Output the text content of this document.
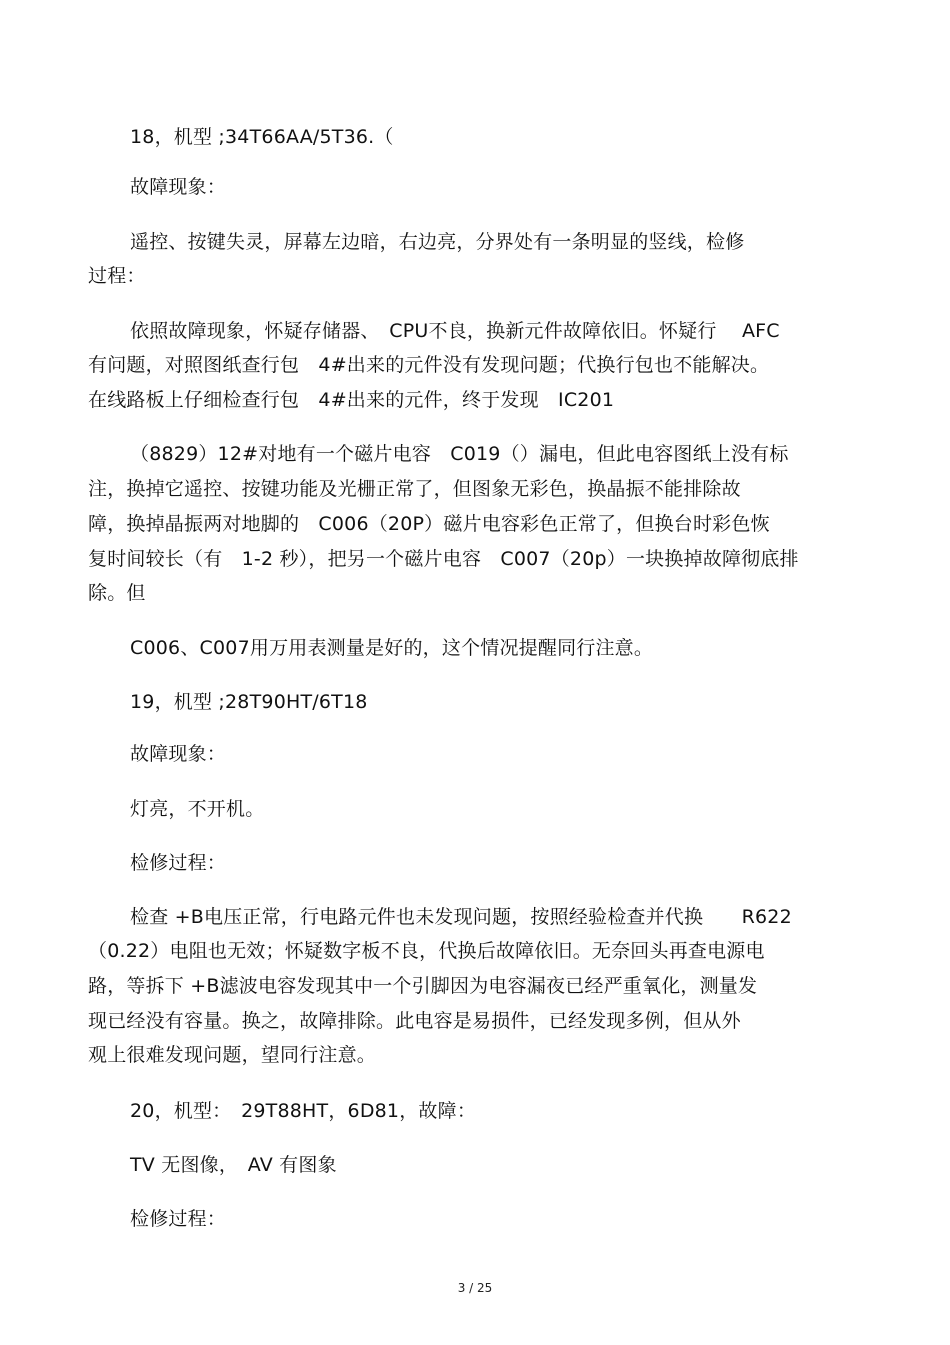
18，机型 ;34T66AA/5T36.（
故障现象：
遥控、按键失灵，屏幕左边暗，右边亮，分界处有一条明显的竖线，检修
过程：
依照故障现象，怀疑存储器、　CPU不良，换新元件故障依旧。怀疑行　 AFC
有问题，对照图纸查行包　4#出来的元件没有发现问题；代换行包也不能解决。
在线路板上仔细检查行包　4#出来的元件，终于发现　IC201
（8829）12#对地有一个磁片电容　C019（）漏电，但此电容图纸上没有标
注，换掉它遥控、按键功能及光栅正常了，但图象无彩色，换晶振不能排除故
障，换掉晶振两对地脚的　C006（20P）磁片电容彩色正常了，但换台时彩色恢
复时间较长（有　1-2 秒），把另一个磁片电容　C007（20p）一块换掉故障彻底排
除。但
C006、C007用万用表测量是好的，这个情况提醒同行注意。
19，机型 ;28T90HT/6T18
故障现象：
灯亮，不开机。
检修过程：
检查 +B电压正常，行电路元件也未发现问题，按照经验检查并代换　　R622
（0.22）电阻也无效；怀疑数字板不良，代换后故障依旧。无奈回头再查电源电
路，等拆下 +B滤波电容发现其中一个引脚因为电容漏夜已经严重氧化，测量发
现已经没有容量。换之，故障排除。此电容是易损件，已经发现多例，但从外
观上很难发现问题，望同行注意。
20，机型：　29T88HT，6D81，故障：
TV 无图像，　AV 有图象
检修过程：
3 / 25
